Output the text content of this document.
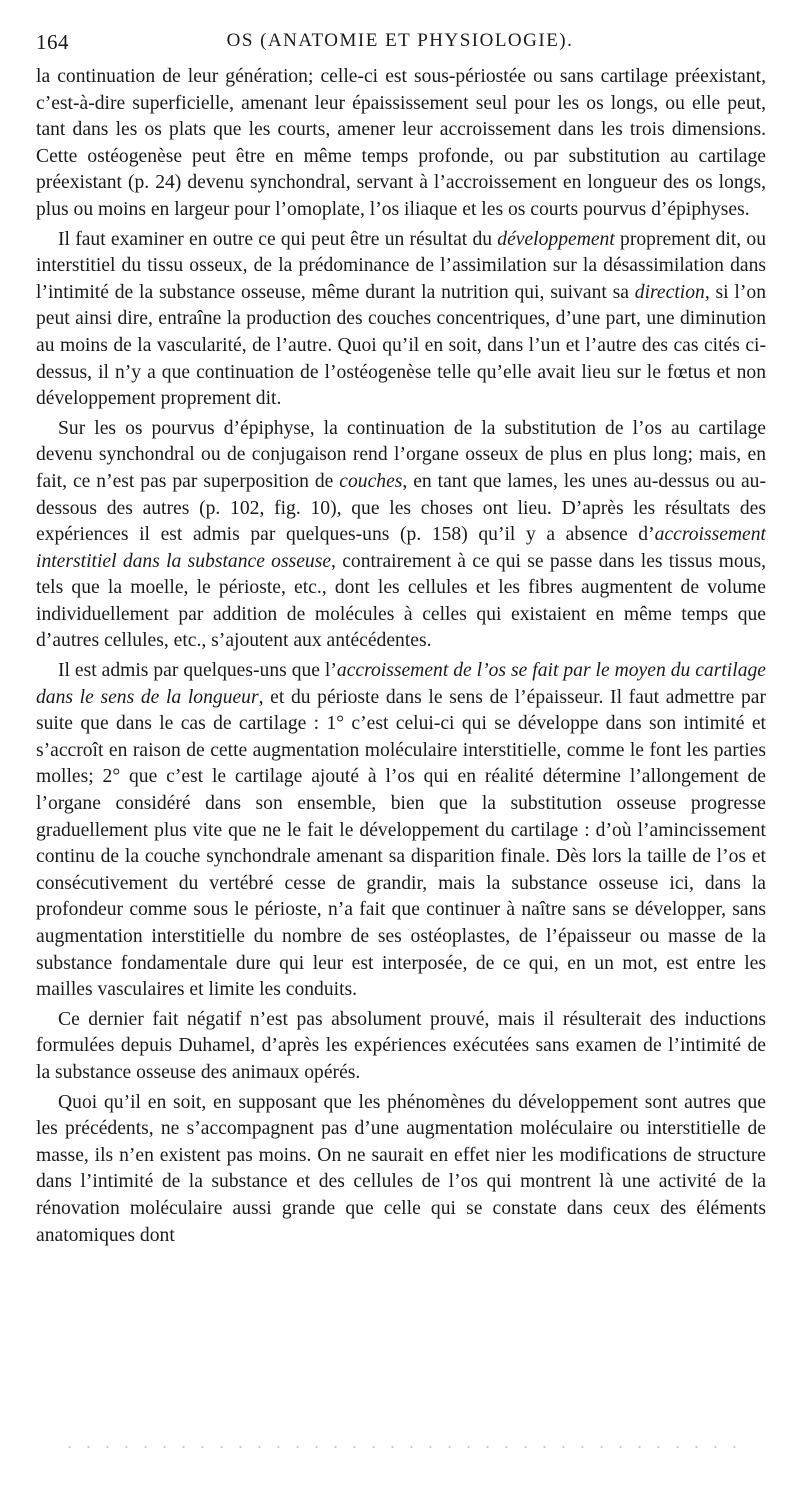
164	OS (ANATOMIE ET PHYSIOLOGIE).

la continuation de leur génération; celle-ci est sous-périostée ou sans cartilage préexistant, c’est-à-dire superficielle, amenant leur épaississement seul pour les os longs, ou elle peut, tant dans les os plats que les courts, amener leur accroissement dans les trois dimensions. Cette ostéogenèse peut être en même temps profonde, ou par substitution au cartilage préexistant (p. 24) devenu synchondral, servant à l’accroissement en longueur des os longs, plus ou moins en largeur pour l’omoplate, l’os iliaque et les os courts pourvus d’épiphyses.

Il faut examiner en outre ce qui peut être un résultat du développement proprement dit, ou interstitiel du tissu osseux, de la prédominance de l’assimilation sur la désassimilation dans l’intimité de la substance osseuse, même durant la nutrition qui, suivant sa direction, si l’on peut ainsi dire, entraîne la production des couches concentriques, d’une part, une diminution au moins de la vascularité, de l’autre. Quoi qu’il en soit, dans l’un et l’autre des cas cités ci-dessus, il n’y a que continuation de l’ostéogenèse telle qu’elle avait lieu sur le fœtus et non développement proprement dit.

Sur les os pourvus d’épiphyse, la continuation de la substitution de l’os au cartilage devenu synchondral ou de conjugaison rend l’organe osseux de plus en plus long; mais, en fait, ce n’est pas par superposition de couches, en tant que lames, les unes au-dessus ou au-dessous des autres (p. 102, fig. 10), que les choses ont lieu. D’après les résultats des expériences il est admis par quelques-uns (p. 158) qu’il y a absence d’accroissement interstitiel dans la substance osseuse, contrairement à ce qui se passe dans les tissus mous, tels que la moelle, le périoste, etc., dont les cellules et les fibres augmentent de volume individuellement par addition de molécules à celles qui existaient en même temps que d’autres cellules, etc., s’ajoutent aux antécédentes.

Il est admis par quelques-uns que l’accroissement de l’os se fait par le moyen du cartilage dans le sens de la longueur, et du périoste dans le sens de l’épaisseur. Il faut admettre par suite que dans le cas de cartilage : 1° c’est celui-ci qui se développe dans son intimité et s’accroît en raison de cette augmentation moléculaire interstitielle, comme le font les parties molles; 2° que c’est le cartilage ajouté à l’os qui en réalité détermine l’allongement de l’organe considéré dans son ensemble, bien que la substitution osseuse progresse graduellement plus vite que ne le fait le développement du cartilage : d’où l’amincissement continu de la couche synchondrale amenant sa disparition finale. Dès lors la taille de l’os et consécutivement du vertébré cesse de grandir, mais la substance osseuse ici, dans la profondeur comme sous le périoste, n’a fait que continuer à naître sans se développer, sans augmentation interstitielle du nombre de ses ostéoplastes, de l’épaisseur ou masse de la substance fondamentale dure qui leur est interposée, de ce qui, en un mot, est entre les mailles vasculaires et limite les conduits.

Ce dernier fait négatif n’est pas absolument prouvé, mais il résulterait des inductions formulées depuis Duhamel, d’après les expériences exécutées sans examen de l’intimité de la substance osseuse des animaux opérés.

Quoi qu’il en soit, en supposant que les phénomènes du développement sont autres que les précédents, ne s’accompagnent pas d’une augmentation moléculaire ou interstitielle de masse, ils n’en existent pas moins. On ne saurait en effet nier les modifications de structure dans l’intimité de la substance et des cellules de l’os qui montrent là une activité de la rénovation moléculaire aussi grande que celle qui se constate dans ceux des éléments anatomiques dont
